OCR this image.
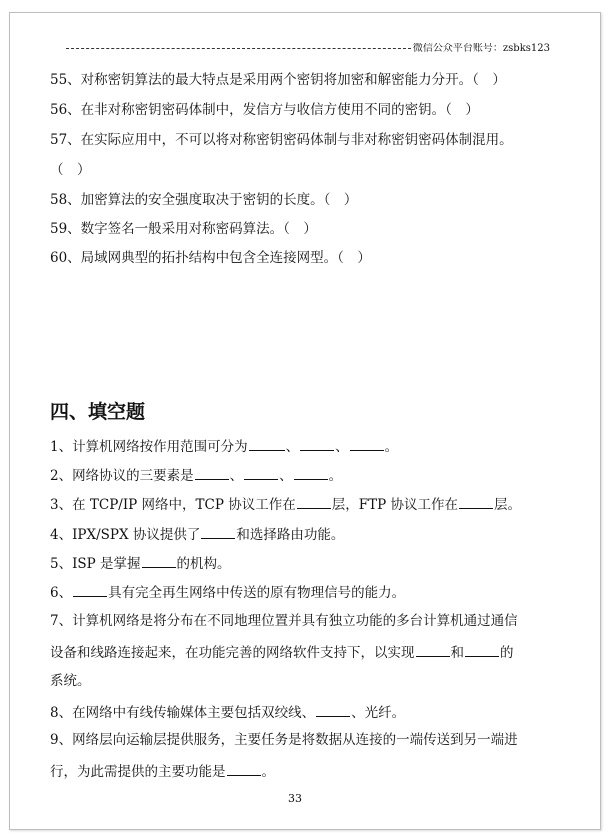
微信公众平台账号：zsbks123
55、对称密钥算法的最大特点是采用两个密钥将加密和解密能力分开。（　）
56、在非对称密钥密码体制中，发信方与收信方使用不同的密钥。（　）
57、在实际应用中，不可以将对称密钥密码体制与非对称密钥密码体制混用。
（　）
58、加密算法的安全强度取决于密钥的长度。（　）
59、数字签名一般采用对称密码算法。（　）
60、局域网典型的拓扑结构中包含全连接网型。（　）
四、填空题
1、计算机网络按作用范围可分为	、	、	。
2、网络协议的三要素是	、	、	。
3、在 TCP/IP 网络中，TCP 协议工作在	层，FTP 协议工作在	层。
4、IPX/SPX 协议提供了	和选择路由功能。
5、ISP 是掌握	的机构。
6、	具有完全再生网络中传送的原有物理信号的能力。
7、计算机网络是将分布在不同地理位置并具有独立功能的多台计算机通过通信
设备和线路连接起来，在功能完善的网络软件支持下，以实现	和	的
系统。
8、在网络中有线传输媒体主要包括双绞线、	、光纤。
9、网络层向运输层提供服务，主要任务是将数据从连接的一端传送到另一端进
行，为此需提供的主要功能是	。
33
